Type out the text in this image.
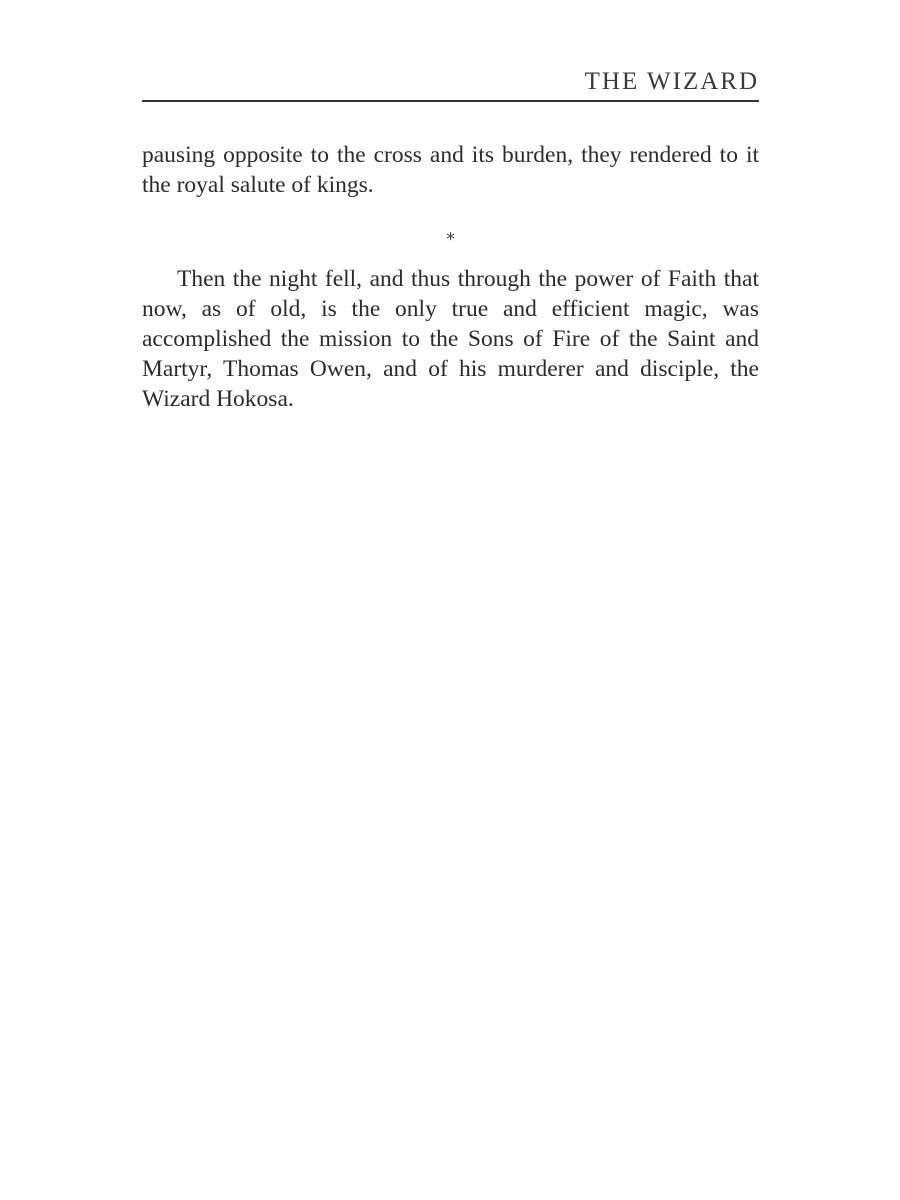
THE WIZARD

pausing opposite to the cross and its burden, they rendered to it the royal salute of kings.

*

Then the night fell, and thus through the power of Faith that now, as of old, is the only true and efficient magic, was accomplished the mission to the Sons of Fire of the Saint and Martyr, Thomas Owen, and of his murderer and disciple, the Wizard Hokosa.
